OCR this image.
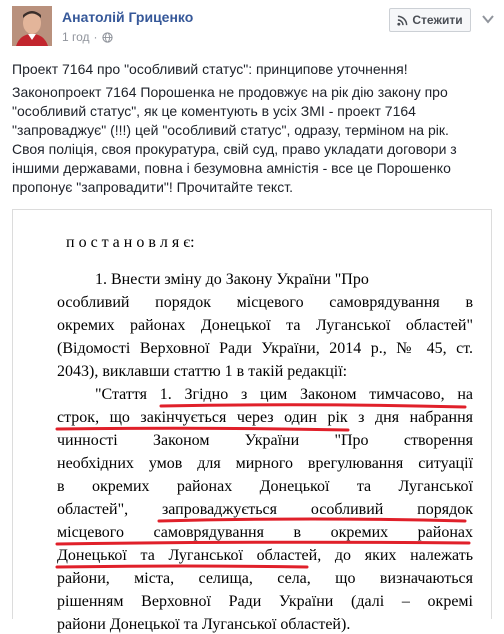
Анатолій Гриценко
1 год ·
Стежити
Проект 7164 про "особливий статус": принципове уточнення!
Законопроект 7164 Порошенка не продовжує на рік дію закону про
"особливий статус", як це коментують в усіх ЗМІ - проект 7164
"запроваджує" (!!!) цей "особливий статус", одразу, терміном на рік.
Своя поліція, своя прокуратура, свій суд, право укладати договори з
іншими державами, повна і безумовна амністія - все це Порошенко
пропонує "запровадити"! Прочитайте текст.
п о с т а н о в л я є:
1. Внести зміну до Закону України "Про
особливий порядок місцевого самоврядування в
окремих районах Донецької та Луганської областей"
(Відомості Верховної Ради України, 2014 р., № 45, ст.
2043), виклавши статтю 1 в такій редакції:
"Стаття 1. Згідно з цим Законом тимчасово, на
строк, що закінчується через один рік з дня набрання
чинності Законом України "Про створення
необхідних умов для мирного врегулювання ситуації
в окремих районах Донецької та Луганської
областей", запроваджується особливий порядок
місцевого самоврядування в окремих районах
Донецької та Луганської областей, до яких належать
райони, міста, селища, села, що визначаються
рішенням Верховної Ради України (далі – окремі
райони Донецької та Луганської областей).
